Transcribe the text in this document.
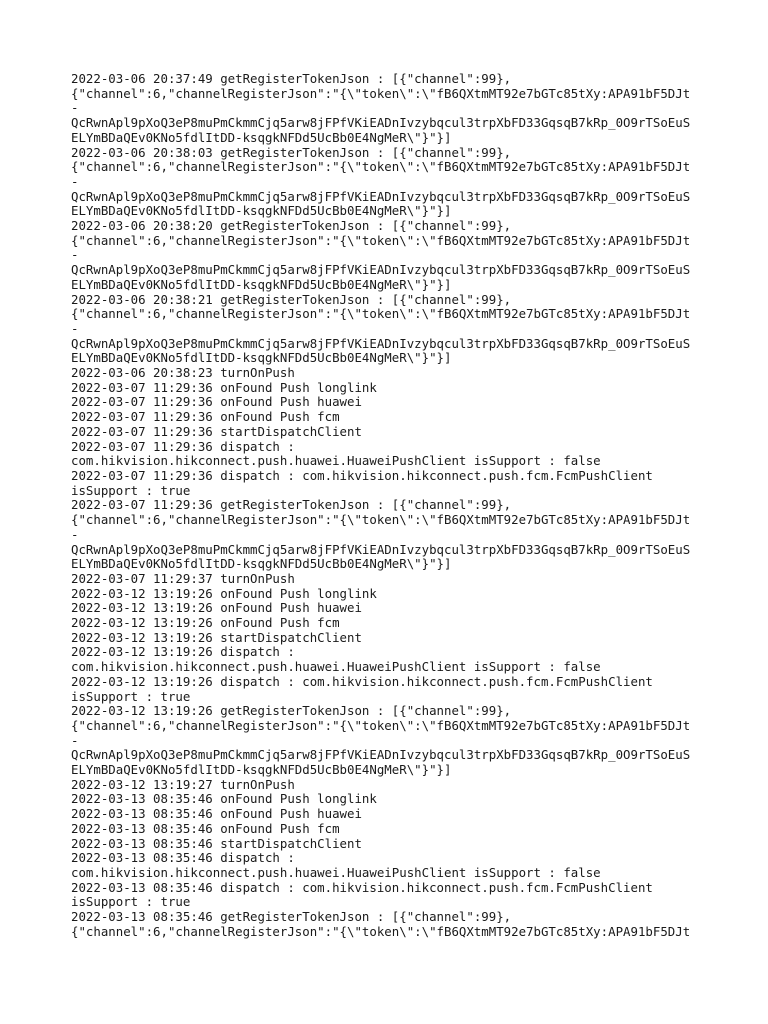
2022-03-06 20:37:49 getRegisterTokenJson : [{"channel":99},
{"channel":6,"channelRegisterJson":"{\"token\":\"fB6QXtmMT92e7bGTc85tXy:APA91bF5DJt
-
QcRwnApl9pXoQ3eP8muPmCkmmCjq5arw8jFPfVKiEADnIvzybqcul3trpXbFD33GqsqB7kRp_0O9rTSoEuS
ELYmBDaQEv0KNo5fdlItDD-ksqgkNFDd5UcBb0E4NgMeR\"}"}]
2022-03-06 20:38:03 getRegisterTokenJson : [{"channel":99},
{"channel":6,"channelRegisterJson":"{\"token\":\"fB6QXtmMT92e7bGTc85tXy:APA91bF5DJt
-
QcRwnApl9pXoQ3eP8muPmCkmmCjq5arw8jFPfVKiEADnIvzybqcul3trpXbFD33GqsqB7kRp_0O9rTSoEuS
ELYmBDaQEv0KNo5fdlItDD-ksqgkNFDd5UcBb0E4NgMeR\"}"}]
2022-03-06 20:38:20 getRegisterTokenJson : [{"channel":99},
{"channel":6,"channelRegisterJson":"{\"token\":\"fB6QXtmMT92e7bGTc85tXy:APA91bF5DJt
-
QcRwnApl9pXoQ3eP8muPmCkmmCjq5arw8jFPfVKiEADnIvzybqcul3trpXbFD33GqsqB7kRp_0O9rTSoEuS
ELYmBDaQEv0KNo5fdlItDD-ksqgkNFDd5UcBb0E4NgMeR\"}"}]
2022-03-06 20:38:21 getRegisterTokenJson : [{"channel":99},
{"channel":6,"channelRegisterJson":"{\"token\":\"fB6QXtmMT92e7bGTc85tXy:APA91bF5DJt
-
QcRwnApl9pXoQ3eP8muPmCkmmCjq5arw8jFPfVKiEADnIvzybqcul3trpXbFD33GqsqB7kRp_0O9rTSoEuS
ELYmBDaQEv0KNo5fdlItDD-ksqgkNFDd5UcBb0E4NgMeR\"}"}]
2022-03-06 20:38:23 turnOnPush
2022-03-07 11:29:36 onFound Push longlink
2022-03-07 11:29:36 onFound Push huawei
2022-03-07 11:29:36 onFound Push fcm
2022-03-07 11:29:36 startDispatchClient
2022-03-07 11:29:36 dispatch :
com.hikvision.hikconnect.push.huawei.HuaweiPushClient isSupport : false
2022-03-07 11:29:36 dispatch : com.hikvision.hikconnect.push.fcm.FcmPushClient
isSupport : true
2022-03-07 11:29:36 getRegisterTokenJson : [{"channel":99},
{"channel":6,"channelRegisterJson":"{\"token\":\"fB6QXtmMT92e7bGTc85tXy:APA91bF5DJt
-
QcRwnApl9pXoQ3eP8muPmCkmmCjq5arw8jFPfVKiEADnIvzybqcul3trpXbFD33GqsqB7kRp_0O9rTSoEuS
ELYmBDaQEv0KNo5fdlItDD-ksqgkNFDd5UcBb0E4NgMeR\"}"}]
2022-03-07 11:29:37 turnOnPush
2022-03-12 13:19:26 onFound Push longlink
2022-03-12 13:19:26 onFound Push huawei
2022-03-12 13:19:26 onFound Push fcm
2022-03-12 13:19:26 startDispatchClient
2022-03-12 13:19:26 dispatch :
com.hikvision.hikconnect.push.huawei.HuaweiPushClient isSupport : false
2022-03-12 13:19:26 dispatch : com.hikvision.hikconnect.push.fcm.FcmPushClient
isSupport : true
2022-03-12 13:19:26 getRegisterTokenJson : [{"channel":99},
{"channel":6,"channelRegisterJson":"{\"token\":\"fB6QXtmMT92e7bGTc85tXy:APA91bF5DJt
-
QcRwnApl9pXoQ3eP8muPmCkmmCjq5arw8jFPfVKiEADnIvzybqcul3trpXbFD33GqsqB7kRp_0O9rTSoEuS
ELYmBDaQEv0KNo5fdlItDD-ksqgkNFDd5UcBb0E4NgMeR\"}"}]
2022-03-12 13:19:27 turnOnPush
2022-03-13 08:35:46 onFound Push longlink
2022-03-13 08:35:46 onFound Push huawei
2022-03-13 08:35:46 onFound Push fcm
2022-03-13 08:35:46 startDispatchClient
2022-03-13 08:35:46 dispatch :
com.hikvision.hikconnect.push.huawei.HuaweiPushClient isSupport : false
2022-03-13 08:35:46 dispatch : com.hikvision.hikconnect.push.fcm.FcmPushClient
isSupport : true
2022-03-13 08:35:46 getRegisterTokenJson : [{"channel":99},
{"channel":6,"channelRegisterJson":"{\"token\":\"fB6QXtmMT92e7bGTc85tXy:APA91bF5DJt
